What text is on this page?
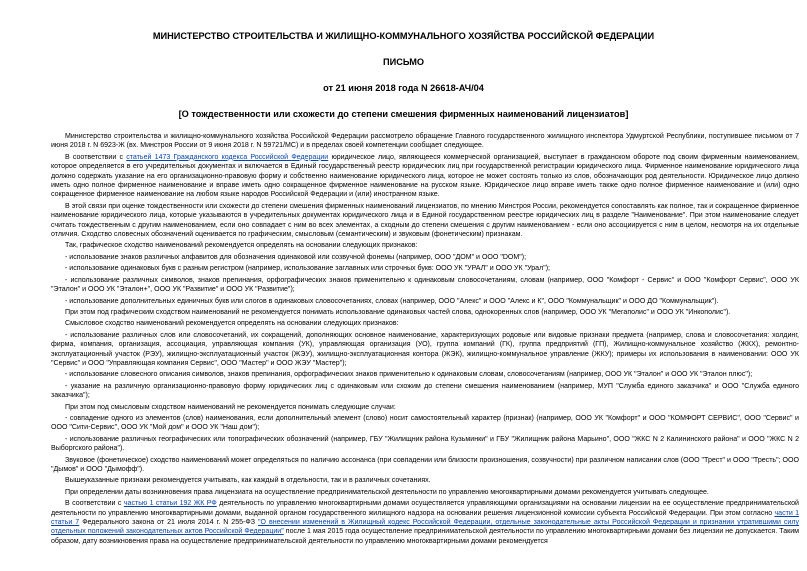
МИНИСТЕРСТВО СТРОИТЕЛЬСТВА И ЖИЛИЩНО-КОММУНАЛЬНОГО ХОЗЯЙСТВА РОССИЙСКОЙ ФЕДЕРАЦИИ
ПИСЬМО
от 21 июня 2018 года N 26618-АЧ/04
[О тождественности или схожести до степени смешения фирменных наименований лицензиатов]

Министерство строительства и жилищно-коммунального хозяйства Российской Федерации рассмотрело обращение Главного государственного жилищного инспектора Удмуртской Республики, поступившее письмом от 7 июня 2018 г. N 6923-Ж (вх. Минстроя России от 9 июня 2018 г. N 59721/МС) и в пределах своей компетенции сообщает следующее.

В соответствии с статьей 1473 Гражданского кодекса Российской Федерации юридическое лицо, являющееся коммерческой организацией, выступает в гражданском обороте под своим фирменным наименованием, которое определяется в его учредительных документах и включается в Единый государственный реестр юридических лиц при государственной регистрации юридического лица. Фирменное наименование юридического лица должно содержать указание на его организационно-правовую форму и собственно наименование юридического лица, которое не может состоять только из слов, обозначающих род деятельности. Юридическое лицо должно иметь одно полное фирменное наименование и вправе иметь одно сокращенное фирменное наименование на русском языке. Юридическое лицо вправе иметь также одно полное фирменное наименование и (или) одно сокращенное фирменное наименование на любом языке народов Российской Федерации и (или) иностранном языке.

В этой связи при оценке тождественности или схожести до степени смешения фирменных наименований лицензиатов, по мнению Минстроя России, рекомендуется сопоставлять как полное, так и сокращенное фирменное наименование юридического лица, которые указываются в учредительных документах юридического лица и в Единой государственном реестре юридических лиц в разделе "Наименование". При этом наименование следует считать тождественным с другим наименованием, если оно совпадает с ним во всех элементах, а сходным до степени смешения с другим наименованием - если оно ассоциируется с ним в целом, несмотря на их отдельные отличия. Сходство словесных обозначений оценивается по графическим, смысловым (семантическим) и звуковым (фонетическим) признакам.

Так, графическое сходство наименований рекомендуется определять на основании следующих признаков:

- использование знаков различных алфавитов для обозначения одинаковой или созвучной фонемы (например, ООО "ДОМ" и ООО "DOM");

- использование одинаковых букв с разным регистром (например, использование заглавных или строчных букв: ООО УК "УРАЛ" и ООО УК "Урал");

- использование различных символов, знаков препинания, орфографических знаков применительно к одинаковым словосочетаниям, словам (например, ООО "Комфорт - Сервис" и ООО "Комфорт Сервис", ООО УК "Эталон" и ООО УК "Эталон+", ООО УК "Развитие" и ООО УК "Развитие");

- использование дополнительных единичных букв или слогов в одинаковых словосочетаниях, словах (например, ООО "Алекс" и ООО "Алекс и К", ООО "Коммунальщик" и ООО ДО "Коммунальщик").

При этом под графическим сходством наименований не рекомендуется понимать использование одинаковых частей слова, однокоренных слов (например, ООО УК "Мегаполис" и ООО УК "Инкополис").

Смысловое сходство наименований рекомендуется определять на основании следующих признаков:

- использование различных слов или словосочетаний, их сокращений, дополняющих основное наименование, характеризующих родовые или видовые признаки предмета (например, слова и словосочетания: холдинг, фирма, компания, организация, ассоциация, управляющая компания (УК), управляющая организация (УО), группа компаний (ГК), группа предприятий (ГП), Жилищно-коммунальное хозяйство (ЖКХ), ремонтно-эксплуатационный участок (РЭУ), жилищно-эксплуатационный участок (ЖЭУ), жилищно-эксплуатационная контора (ЖЭК), жилищно-коммунальное управление (ЖКУ); примеры их использования в наименовании: ООО УК "Сервис" и ООО "Управляющая компания Сервис", ООО "Мастер" и ООО ЖЭУ "Мастер");

- использование словесного описания символов, знаков препинания, орфографических знаков применительно к одинаковым словам, словосочетаниям (например, ООО УК "Эталон" и ООО УК "Эталон плюс");

- указание на различную организационно-правовую форму юридических лиц с одинаковым или схожим до степени смешения наименованием (например, МУП "Служба единого заказчика" и ООО "Служба единого заказчика");

При этом под смысловым сходством наименований не рекомендуется понимать следующие случаи:

- совпадение одного из элементов (слов) наименования, если дополнительный элемент (слово) носит самостоятельный характер (признак) (например, ООО УК "Комфорт" и ООО "КОМФОРТ СЕРВИС", ООО "Сервис" и ООО "Сити-Сервис", ООО УК "Мой дом" и ООО УК "Наш дом");

- использование различных географических или топографических обозначений (например, ГБУ "Жилищник района Кузьминки" и ГБУ "Жилищник района Марьино", ООО "ЖКС N 2 Калининского района" и ООО "ЖКС N 2 Выборгского района").

Звуковое (фонетическое) сходство наименований может определяться по наличию ассонанса (при совпадении или близости произношения, созвучности) при различном написании слов (ООО "Трест" и ООО "Тресть"; ООО "Дымов" и ООО "Дымофф").

Вышеуказанные признаки рекомендуется учитывать, как каждый в отдельности, так и в различных сочетаниях.

При определении даты возникновения права лицензиата на осуществление предпринимательской деятельности по управлению многоквартирными домами рекомендуется учитывать следующее.

В соответствии с частью 1 статьи 192 ЖК РФ деятельность по управлению многоквартирными домами осуществляется управляющими организациями на основании лицензии на ее осуществление предпринимательской деятельности по управлению многоквартирными домами, выданной органом государственного жилищного надзора на основании решения лицензионной комиссии субъекта Российской Федерации. При этом согласно части 1 статьи 7 Федерального закона от 21 июля 2014 г. N 255-ФЗ "О внесении изменений в Жилищный кодекс Российской Федерации, отдельные законодательные акты Российской Федерации и признании утратившими силу отдельных положений законодательных актов Российской Федерации" после 1 мая 2015 года осуществление предпринимательской деятельности по управлению многоквартирными домами без лицензии не допускается. Таким образом, дату возникновения права на осуществление предпринимательской деятельности по управлению многоквартирными домами рекомендуется
